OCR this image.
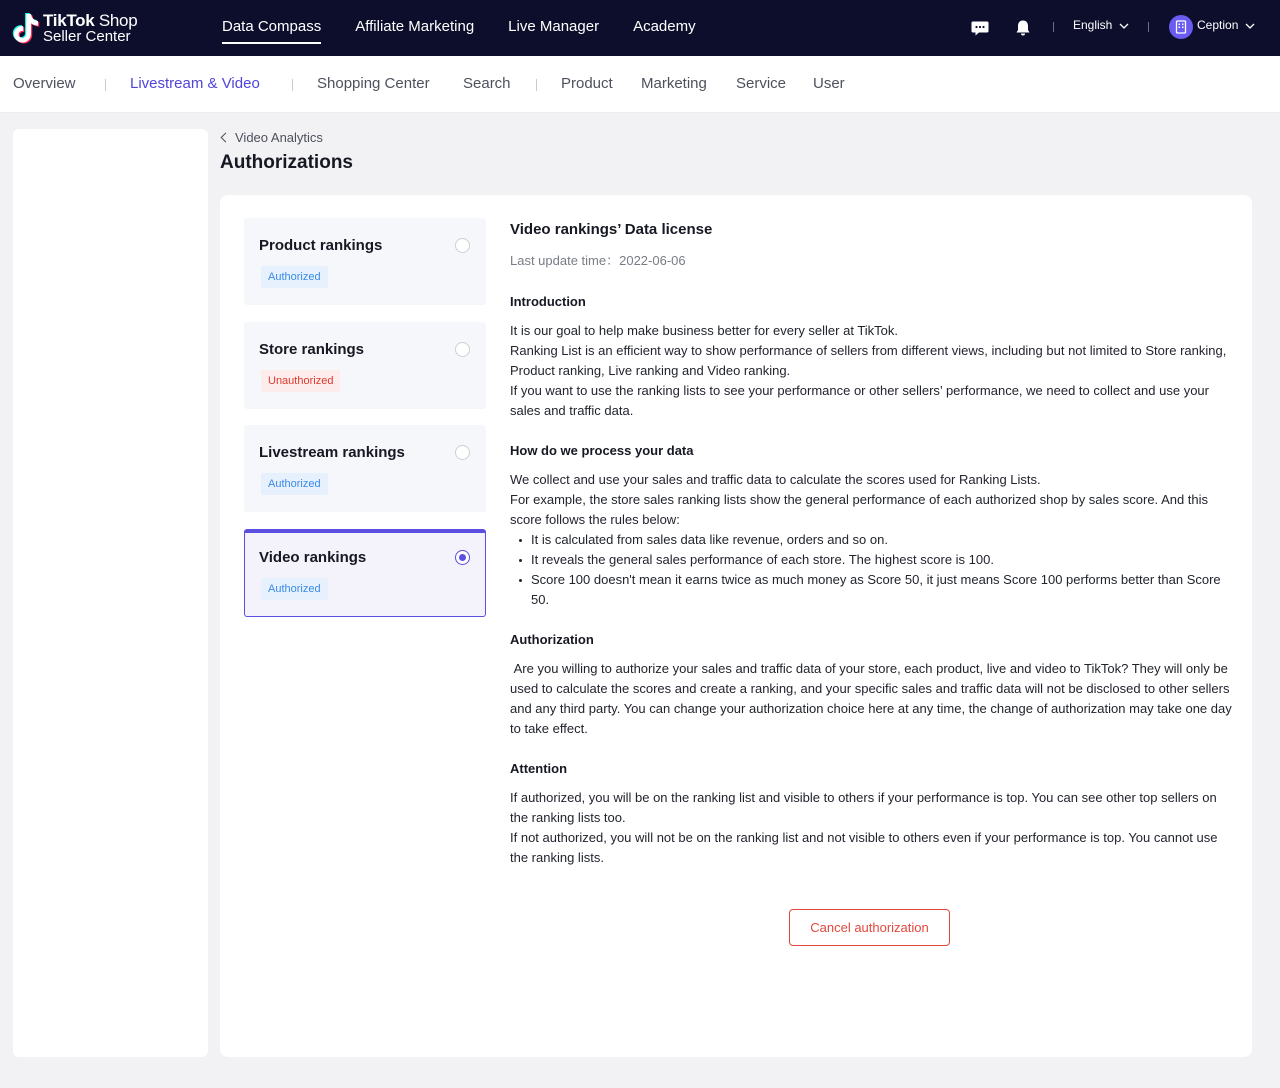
TikTok Shop
Seller Center
Data Compass	Affiliate Marketing	Live Manager	Academy	English	Ception
Overview	Livestream & Video	Shopping Center Search	Product Marketing Service User
Video Analytics
Authorizations
Product rankings
Authorized
Store rankings
Unauthorized
Livestream rankings
Authorized
Video rankings
Authorized
Video rankings’ Data license
Last update time：2022-06-06
Introduction
It is our goal to help make business better for every seller at TikTok.
Ranking List is an efficient way to show performance of sellers from different views, including but not limited to Store ranking, Product ranking, Live ranking and Video ranking.
If you want to use the ranking lists to see your performance or other sellers’ performance, we need to collect and use your sales and traffic data.
How do we process your data
We collect and use your sales and traffic data to calculate the scores used for Ranking Lists.
For example, the store sales ranking lists show the general performance of each authorized shop by sales score. And this score follows the rules below:
It is calculated from sales data like revenue, orders and so on.
It reveals the general sales performance of each store. The highest score is 100.
Score 100 doesn't mean it earns twice as much money as Score 50, it just means Score 100 performs better than Score 50.
Authorization
Are you willing to authorize your sales and traffic data of your store, each product, live and video to TikTok? They will only be used to calculate the scores and create a ranking, and your specific sales and traffic data will not be disclosed to other sellers and any third party. You can change your authorization choice here at any time, the change of authorization may take one day to take effect.
Attention
If authorized, you will be on the ranking list and visible to others if your performance is top. You can see other top sellers on the ranking lists too.
If not authorized, you will not be on the ranking list and not visible to others even if your performance is top. You cannot use the ranking lists.
Cancel authorization
